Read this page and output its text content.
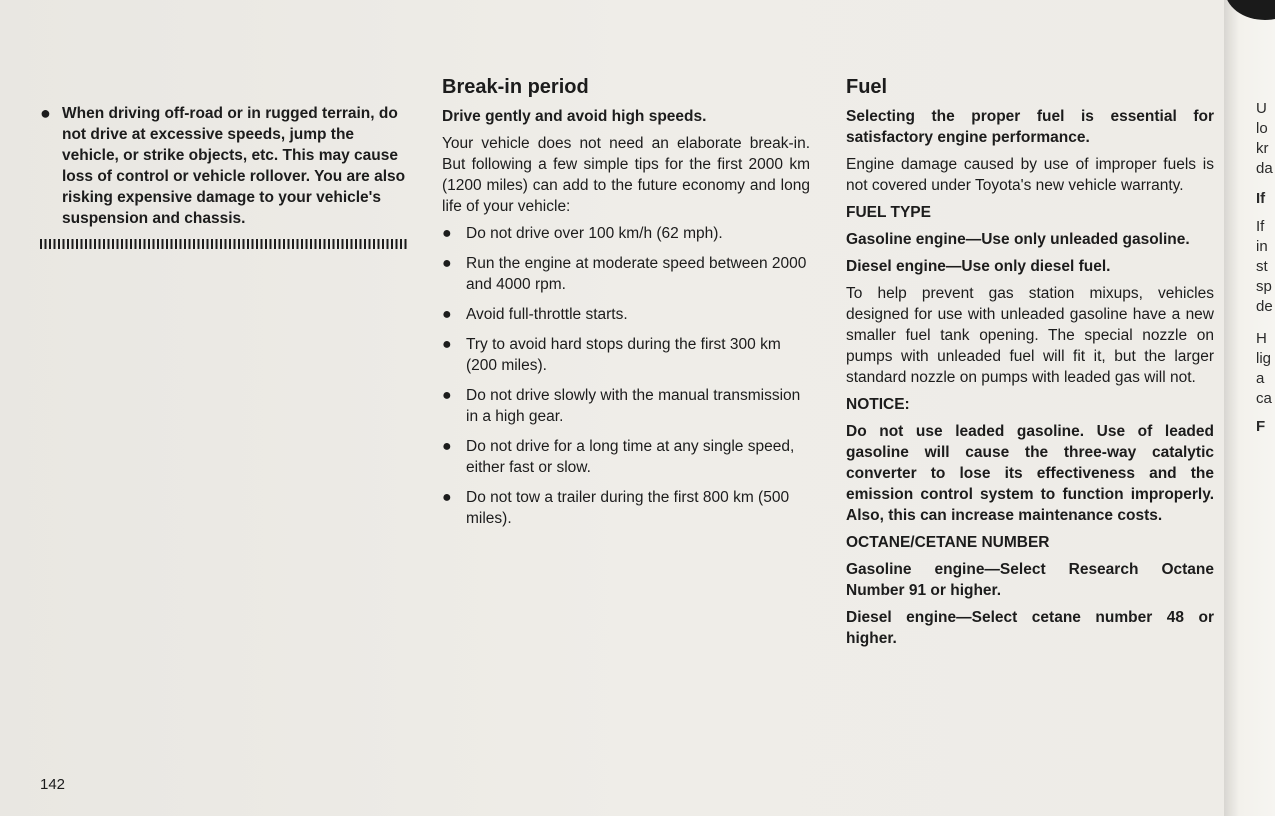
● When driving off-road or in rugged terrain, do not drive at excessive speeds, jump the vehicle, or strike objects, etc. This may cause loss of control or vehicle rollover. You are also risking expensive damage to your vehicle's suspension and chassis.
Break-in period
Drive gently and avoid high speeds.

Your vehicle does not need an elaborate break-in. But following a few simple tips for the first 2000 km (1200 miles) can add to the future economy and long life of your vehicle:

● Do not drive over 100 km/h (62 mph).
● Run the engine at moderate speed between 2000 and 4000 rpm.
● Avoid full-throttle starts.
● Try to avoid hard stops during the first 300 km (200 miles).
● Do not drive slowly with the manual transmission in a high gear.
● Do not drive for a long time at any single speed, either fast or slow.
● Do not tow a trailer during the first 800 km (500 miles).
Fuel
Selecting the proper fuel is essential for satisfactory engine performance.

Engine damage caused by use of improper fuels is not covered under Toyota's new vehicle warranty.

FUEL TYPE
Gasoline engine—Use only unleaded gasoline.
Diesel engine—Use only diesel fuel.

To help prevent gas station mixups, vehicles designed for use with unleaded gasoline have a new smaller fuel tank opening. The special nozzle on pumps with unleaded fuel will fit it, but the larger standard nozzle on pumps with leaded gas will not.

NOTICE:
Do not use leaded gasoline. Use of leaded gasoline will cause the three-way catalytic converter to lose its effectiveness and the emission control system to function improperly. Also, this can increase maintenance costs.
OCTANE/CETANE NUMBER
Gasoline engine—Select Research Octane Number 91 or higher.
Diesel engine—Select cetane number 48 or higher.
142
U
lo
kr
da
If
If
in
st
sp
de
H
lig
a
ca
F
